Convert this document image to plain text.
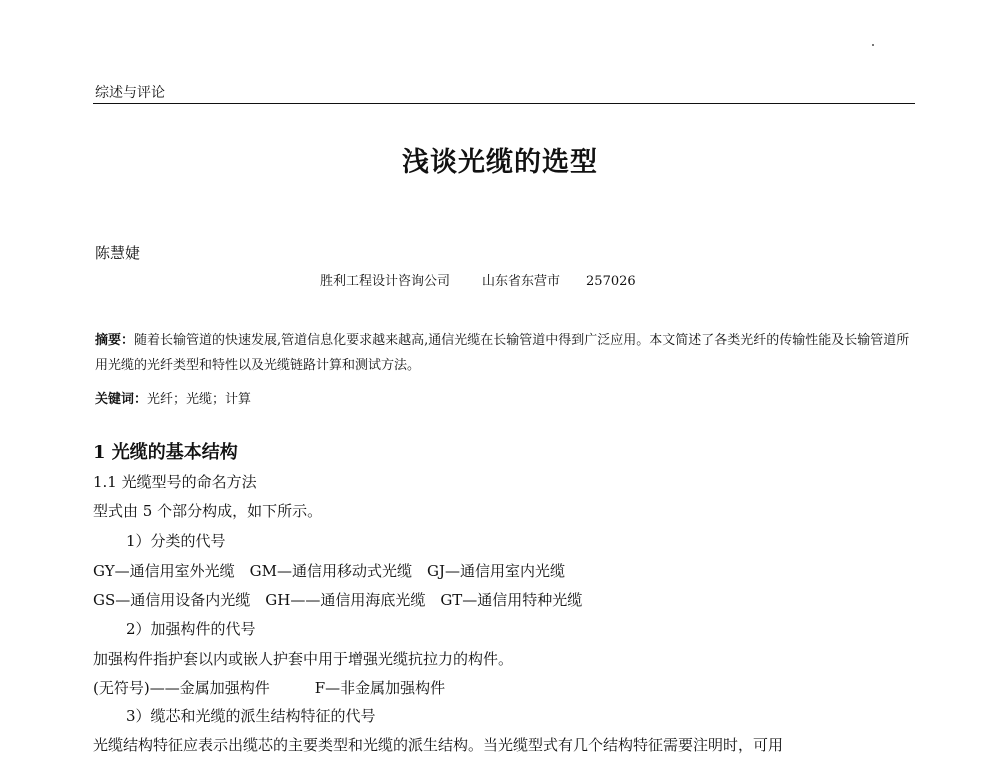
综述与评论
浅谈光缆的选型
陈慧婕
胜利工程设计咨询公司 山东省东营市 257026
摘要：随着长输管道的快速发展,管道信息化要求越来越高,通信光缆在长输管道中得到广泛应用。本文简述了各类光纤的传输性能及长输管道所用光缆的光纤类型和特性以及光缆链路计算和测试方法。
关键词：光纤；光缆；计算
1 光缆的基本结构
1.1 光缆型号的命名方法
型式由 5 个部分构成，如下所示。
1）分类的代号
GY—通信用室外光缆　GM—通信用移动式光缆　GJ—通信用室内光缆
GS—通信用设备内光缆　GH——通信用海底光缆　GT—通信用特种光缆
2）加强构件的代号
加强构件指护套以内或嵌人护套中用于增强光缆抗拉力的构件。
(无符号)——金属加强构件　　　F—非金属加强构件
3）缆芯和光缆的派生结构特征的代号
光缆结构特征应表示出缆芯的主要类型和光缆的派生结构。当光缆型式有几个结构特征需要注明时，可用
